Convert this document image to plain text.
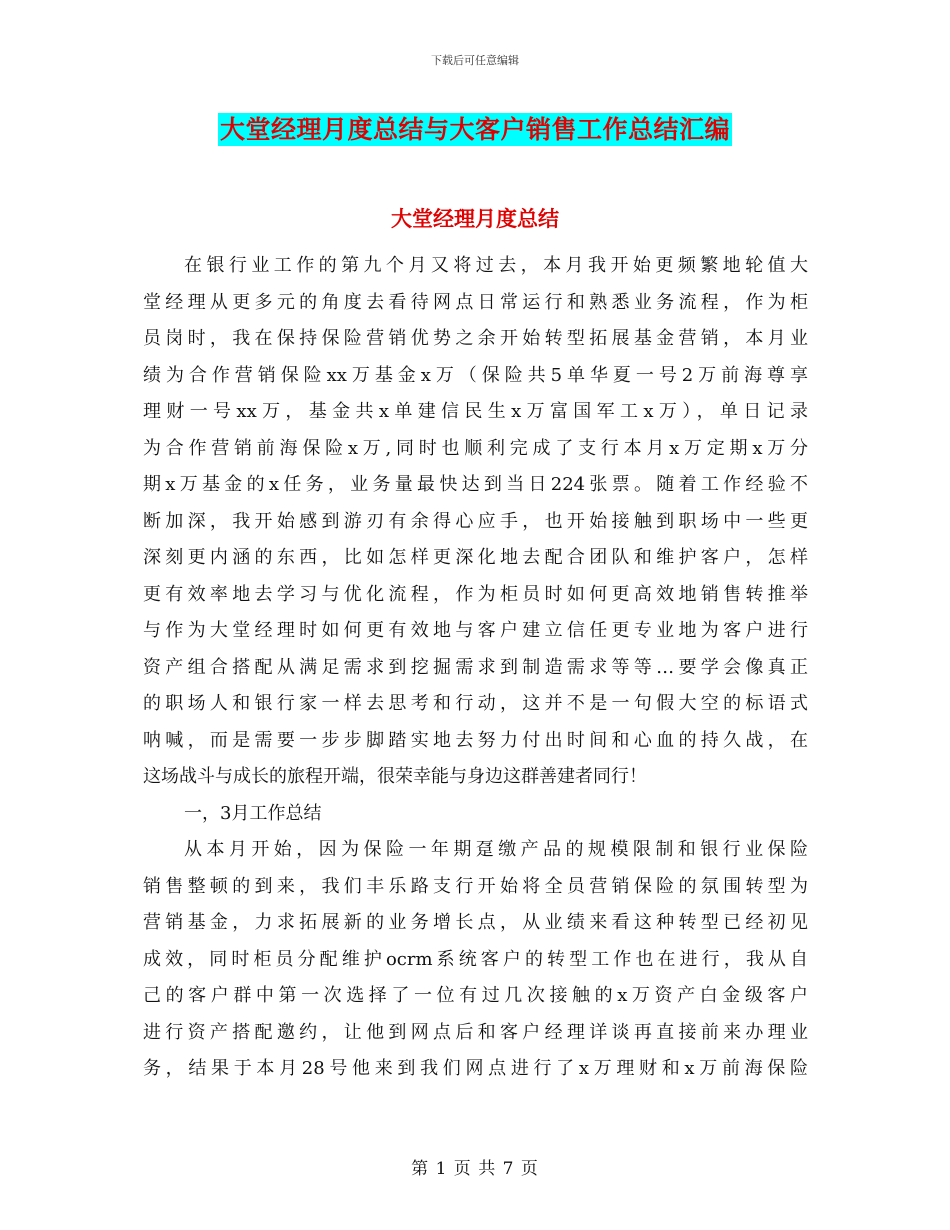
下载后可任意编辑
大堂经理月度总结与大客户销售工作总结汇编
大堂经理月度总结
在银行业工作的第九个月又将过去，本月我开始更频繁地轮值大
堂经理从更多元的角度去看待网点日常运行和熟悉业务流程，作为柜
员岗时，我在保持保险营销优势之余开始转型拓展基金营销，本月业
绩为合作营销保险xx万基金x万（保险共5单华夏一号2万前海尊享
理财一号xx万，基金共x单建信民生x万富国军工x万），单日记录
为合作营销前海保险x万,同时也顺利完成了支行本月x万定期x万分
期x万基金的x任务，业务量最快达到当日224张票。随着工作经验不
断加深，我开始感到游刃有余得心应手，也开始接触到职场中一些更
深刻更内涵的东西，比如怎样更深化地去配合团队和维护客户，怎样
更有效率地去学习与优化流程，作为柜员时如何更高效地销售转推举
与作为大堂经理时如何更有效地与客户建立信任更专业地为客户进行
资产组合搭配从满足需求到挖掘需求到制造需求等等…要学会像真正
的职场人和银行家一样去思考和行动，这并不是一句假大空的标语式
呐喊，而是需要一步步脚踏实地去努力付出时间和心血的持久战，在
这场战斗与成长的旅程开端，很荣幸能与身边这群善建者同行！
一，3月工作总结
从本月开始，因为保险一年期趸缴产品的规模限制和银行业保险
销售整顿的到来，我们丰乐路支行开始将全员营销保险的氛围转型为
营销基金，力求拓展新的业务增长点，从业绩来看这种转型已经初见
成效，同时柜员分配维护ocrm系统客户的转型工作也在进行，我从自
己的客户群中第一次选择了一位有过几次接触的x万资产白金级客户
进行资产搭配邀约，让他到网点后和客户经理详谈再直接前来办理业
务，结果于本月28号他来到我们网点进行了x万理财和x万前海保险
第 1 页 共 7 页
